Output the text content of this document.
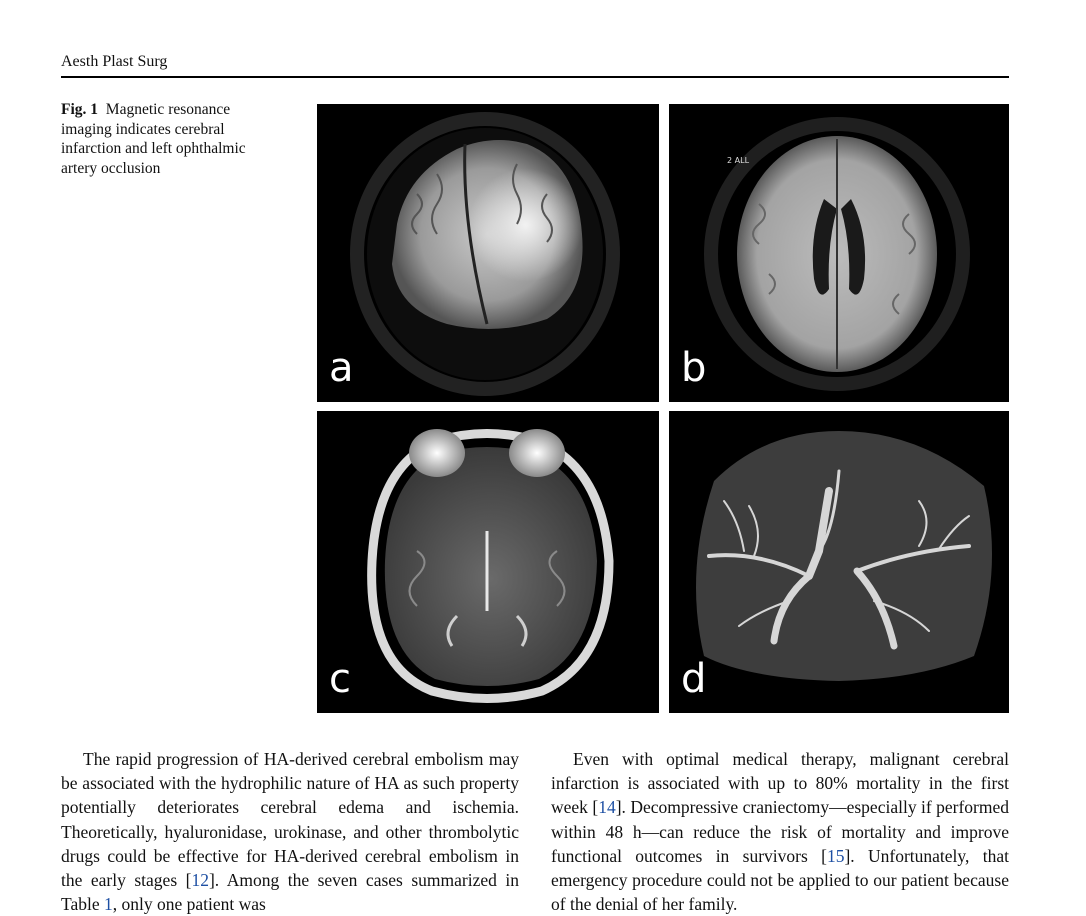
Aesth Plast Surg
Fig. 1 Magnetic resonance imaging indicates cerebral infarction and left ophthalmic artery occlusion
a
2 ALL
b
c	d

The rapid progression of HA-derived cerebral embolism may be associated with the hydrophilic nature of HA as such property potentially deteriorates cerebral edema and ischemia. Theoretically, hyaluronidase, urokinase, and other thrombolytic drugs could be effective for HA-derived cerebral embolism in the early stages [12]. Among the seven cases summarized in Table 1, only one patient was

Even with optimal medical therapy, malignant cerebral infarction is associated with up to 80% mortality in the first week [14]. Decompressive craniectomy—especially if performed within 48 h—can reduce the risk of mortality and improve functional outcomes in survivors [15]. Unfortunately, that emergency procedure could not be applied to our patient because of the denial of her family.
